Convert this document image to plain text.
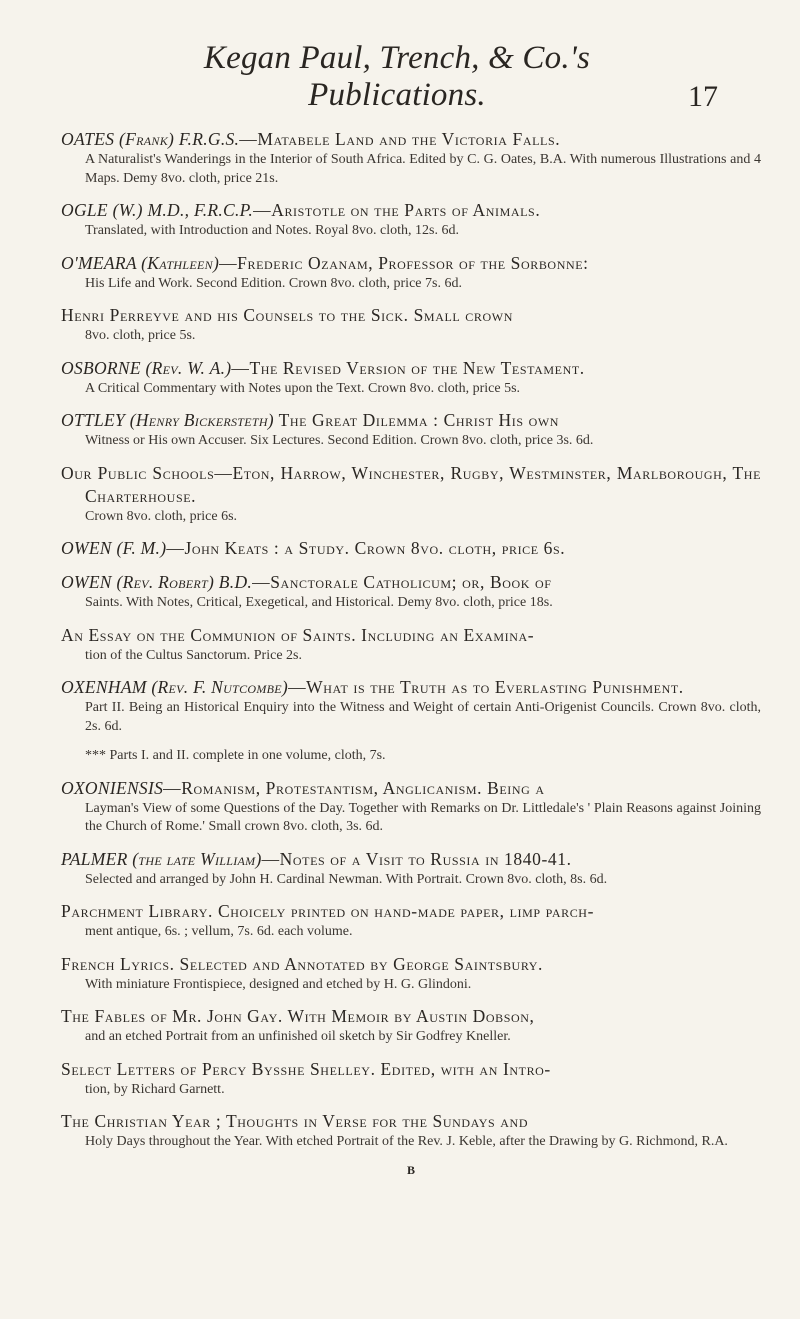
Kegan Paul, Trench, & Co.'s Publications.	17
OATES (Frank) F.R.G.S.—Matabele Land and the Victoria Falls.
A Naturalist's Wanderings in the Interior of South Africa. Edited by C. G. Oates, B.A. With numerous Illustrations and 4 Maps. Demy 8vo. cloth, price 21s.
OGLE (W.) M.D., F.R.C.P.—Aristotle on the Parts of Animals.
Translated, with Introduction and Notes. Royal 8vo. cloth, 12s. 6d.
O'MEARA (Kathleen)—Frederic Ozanam, Professor of the Sorbonne:
His Life and Work. Second Edition. Crown 8vo. cloth, price 7s. 6d.
Henri Perreyve and his Counsels to the Sick. Small crown
8vo. cloth, price 5s.
OSBORNE (Rev. W. A.)—The Revised Version of the New Testament.
A Critical Commentary with Notes upon the Text. Crown 8vo. cloth, price 5s.
OTTLEY (Henry Bickersteth) The Great Dilemma : Christ His own
Witness or His own Accuser. Six Lectures. Second Edition. Crown 8vo. cloth, price 3s. 6d.
Our Public Schools—Eton, Harrow, Winchester, Rugby, Westminster, Marlborough, The Charterhouse.
Crown 8vo. cloth, price 6s.
OWEN (F. M.)—John Keats : a Study. Crown 8vo. cloth, price 6s.
OWEN (Rev. Robert) B.D.—Sanctorale Catholicum; or, Book of
Saints. With Notes, Critical, Exegetical, and Historical. Demy 8vo. cloth, price 18s.
An Essay on the Communion of Saints. Including an Examina-
tion of the Cultus Sanctorum. Price 2s.
OXENHAM (Rev. F. Nutcombe)—What is the Truth as to Everlasting Punishment.
Part II. Being an Historical Enquiry into the Witness and Weight of certain Anti-Origenist Councils. Crown 8vo. cloth, 2s. 6d.
*** Parts I. and II. complete in one volume, cloth, 7s.
OXONIENSIS—Romanism, Protestantism, Anglicanism. Being a
Layman's View of some Questions of the Day. Together with Remarks on Dr. Littledale's ' Plain Reasons against Joining the Church of Rome.' Small crown 8vo. cloth, 3s. 6d.
PALMER (the late William)—Notes of a Visit to Russia in 1840-41.
Selected and arranged by John H. Cardinal Newman. With Portrait. Crown 8vo. cloth, 8s. 6d.
Parchment Library. Choicely printed on hand-made paper, limp parch-
ment antique, 6s. ; vellum, 7s. 6d. each volume.
French Lyrics. Selected and Annotated by George Saintsbury.
With miniature Frontispiece, designed and etched by H. G. Glindoni.
The Fables of Mr. John Gay. With Memoir by Austin Dobson,
and an etched Portrait from an unfinished oil sketch by Sir Godfrey Kneller.
Select Letters of Percy Bysshe Shelley. Edited, with an Intro-
tion, by Richard Garnett.
The Christian Year ; Thoughts in Verse for the Sundays and
Holy Days throughout the Year. With etched Portrait of the Rev. J. Keble, after the Drawing by G. Richmond, R.A.
B
